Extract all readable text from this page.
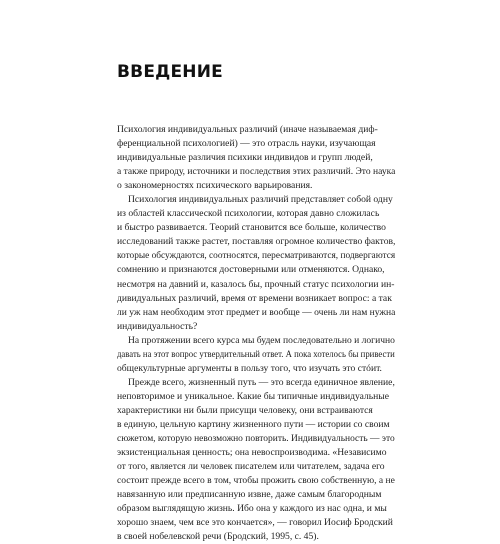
ВВЕДЕНИЕ
Психология индивидуальных различий (иначе называемая диф-
ференциальной психологией) — это отрасль науки, изучающая
индивидуальные различия психики индивидов и групп людей,
а также природу, источники и последствия этих различий. Это наука
о закономерностях психического варьирования.
Психология индивидуальных различий представляет собой одну
из областей классической психологии, которая давно сложилась
и быстро развивается. Теорий становится все больше, количество
исследований также растет, поставляя огромное количество фактов,
которые обсуждаются, соотносятся, пересматриваются, подвергаются
сомнению и признаются достоверными или отменяются. Однако,
несмотря на давний и, казалось бы, прочный статус психологии ин-
дивидуальных различий, время от времени возникает вопрос: а так
ли уж нам необходим этот предмет и вообще — очень ли нам нужна
индивидуальность?
На протяжении всего курса мы будем последовательно и логично
давать на этот вопрос утвердительный ответ. А пока хотелось бы привести
общекультурные аргументы в пользу того, что изучать это стóит.
Прежде всего, жизненный путь — это всегда единичное явление,
неповторимое и уникальное. Какие бы типичные индивидуальные
характеристики ни были присущи человеку, они встраиваются
в единую, цельную картину жизненного пути — истории со своим
сюжетом, которую невозможно повторить. Индивидуальность — это
экзистенциальная ценность; она невоспроизводима. «Независимо
от того, является ли человек писателем или читателем, задача его
состоит прежде всего в том, чтобы прожить свою собственную, а не
навязанную или предписанную извне, даже самым благородным
образом выглядящую жизнь. Ибо она у каждого из нас одна, и мы
хорошо знаем, чем все это кончается», — говорил Иосиф Бродский
в своей нобелевской речи (Бродский, 1995, с. 45).
